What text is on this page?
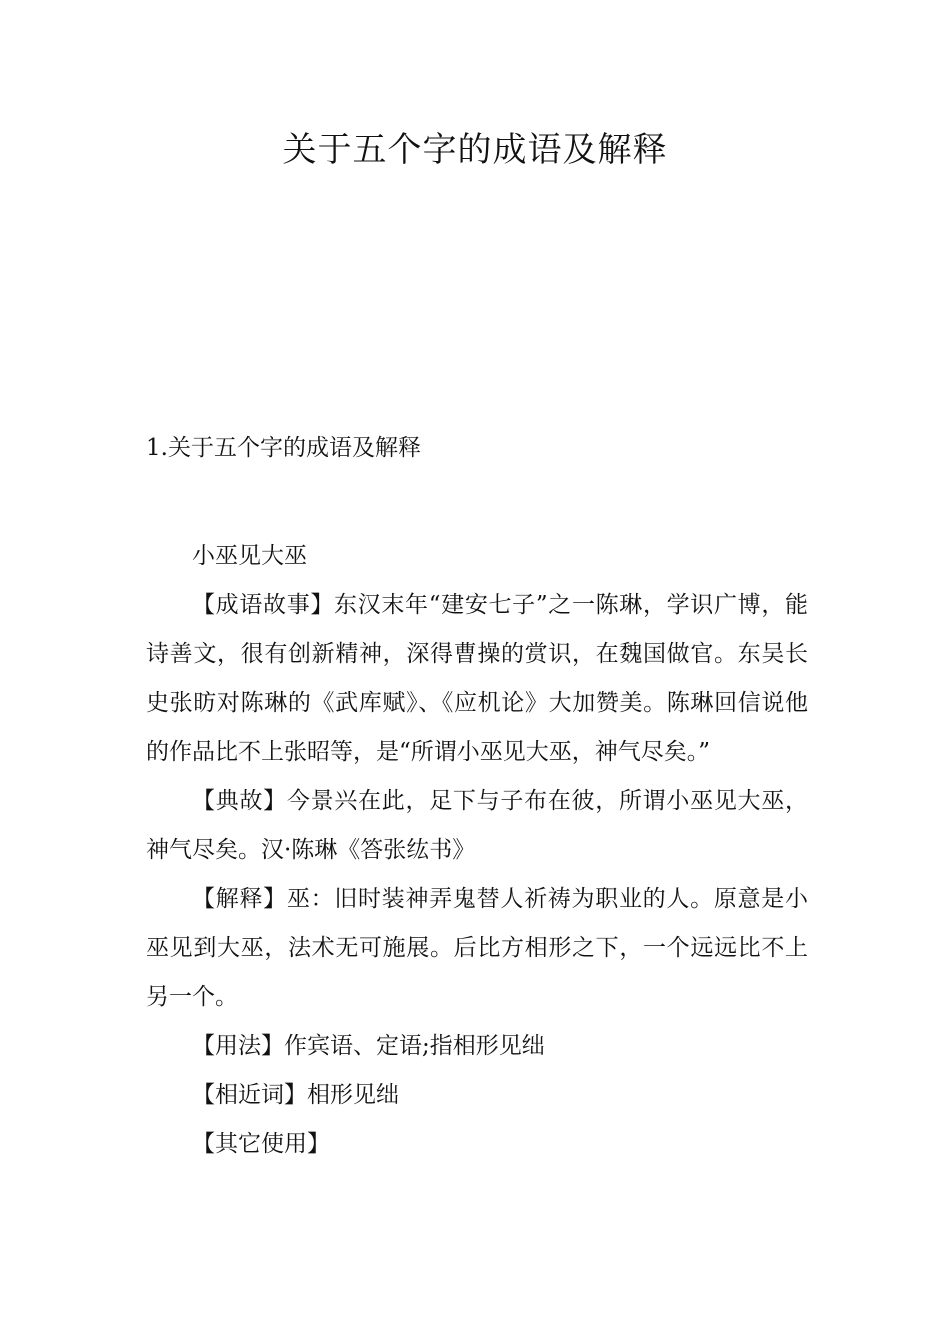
关于五个字的成语及解释
1.关于五个字的成语及解释

小巫见大巫

【成语故事】东汉末年“建安七子”之一陈琳，学识广博，能诗善文，很有创新精神，深得曹操的赏识，在魏国做官。东吴长史张昉对陈琳的《武库赋》、《应机论》大加赞美。陈琳回信说他的作品比不上张昭等，是“所谓小巫见大巫，神气尽矣。”

【典故】今景兴在此，足下与子布在彼，所谓小巫见大巫，神气尽矣。汉·陈琳《答张纮书》

【解释】巫：旧时装神弄鬼替人祈祷为职业的人。原意是小巫见到大巫，法术无可施展。后比方相形之下，一个远远比不上另一个。

【用法】作宾语、定语;指相形见绌

【相近词】相形见绌

【其它使用】
